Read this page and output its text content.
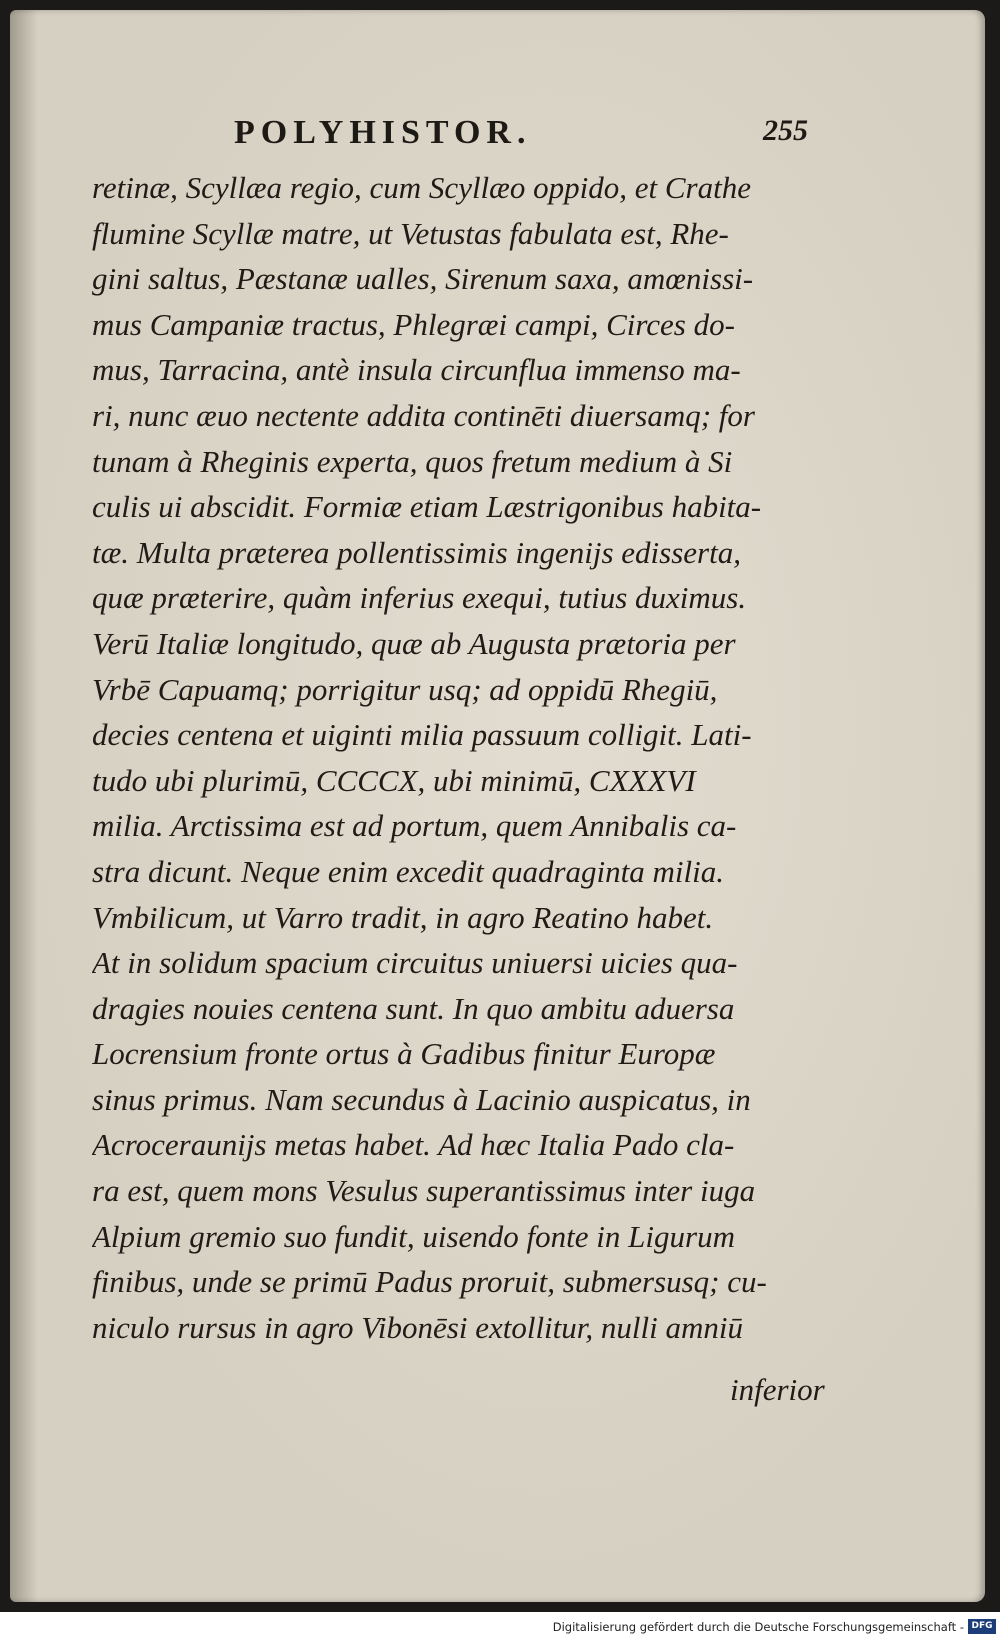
POLYHISTOR.	255
retinæ, Scyllæa regio, cum Scyllæo oppido, et Crathe
flumine Scyllæ matre, ut Vetustas fabulata est, Rhe-
gini saltus, Pæstanæ ualles, Sirenum saxa, amœnissi-
mus Campaniæ tractus, Phlegræi campi, Circes do-
mus, Tarracina, antè insula circunflua immenso ma-
ri, nunc æuo nectente addita continēti diuersamq; for
tunam à Rheginis experta, quos fretum medium à Si
culis ui abscidit. Formiæ etiam Læstrigonibus habita-
tæ. Multa præterea pollentissimis ingenijs edisserta,
quæ præterire, quàm inferius exequi, tutius duximus.
Verū Italiæ longitudo, quæ ab Augusta prætoria per
Vrbē Capuamq; porrigitur usq; ad oppidū Rhegiū,
decies centena et uiginti milia passuum colligit. Lati-
tudo ubi plurimū, CCCCX, ubi minimū, CXXXVI
milia. Arctissima est ad portum, quem Annibalis ca-
stra dicunt. Neque enim excedit quadraginta milia.
Vmbilicum, ut Varro tradit, in agro Reatino habet.
At in solidum spacium circuitus uniuersi uicies qua-
dragies nouies centena sunt. In quo ambitu aduersa
Locrensium fronte ortus à Gadibus finitur Europæ
sinus primus. Nam secundus à Lacinio auspicatus, in
Acroceraunijs metas habet. Ad hæc Italia Pado cla-
ra est, quem mons Vesulus superantissimus inter iuga
Alpium gremio suo fundit, uisendo fonte in Ligurum
finibus, unde se primū Padus proruit, submersusq; cu-
niculo rursus in agro Vibonēsi extollitur, nulli amniū
inferior
Digitalisierung gefördert durch die Deutsche Forschungsgemeinschaft - DFG
